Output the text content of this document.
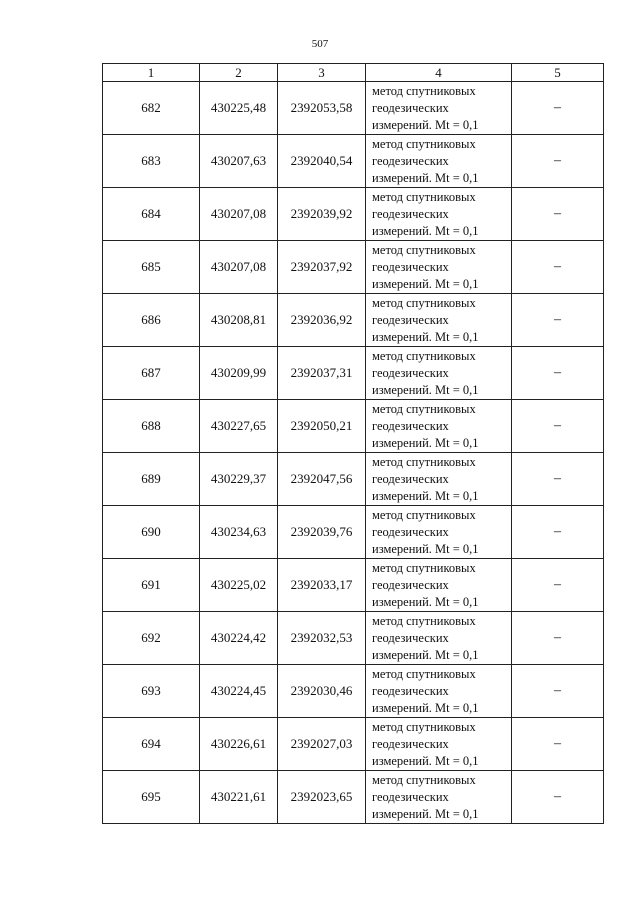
507
1	2	3	4	5
682	430225,48	2392053,58	метод спутниковых
геодезических
измерений. Mt = 0,1	–
683	430207,63	2392040,54	метод спутниковых
геодезических
измерений. Mt = 0,1	–
684	430207,08	2392039,92	метод спутниковых
геодезических
измерений. Mt = 0,1	–
685	430207,08	2392037,92	метод спутниковых
геодезических
измерений. Mt = 0,1	–
686	430208,81	2392036,92	метод спутниковых
геодезических
измерений. Mt = 0,1	–
687	430209,99	2392037,31	метод спутниковых
геодезических
измерений. Mt = 0,1	–
688	430227,65	2392050,21	метод спутниковых
геодезических
измерений. Mt = 0,1	–
689	430229,37	2392047,56	метод спутниковых
геодезических
измерений. Mt = 0,1	–
690	430234,63	2392039,76	метод спутниковых
геодезических
измерений. Mt = 0,1	–
691	430225,02	2392033,17	метод спутниковых
геодезических
измерений. Mt = 0,1	–
692	430224,42	2392032,53	метод спутниковых
геодезических
измерений. Mt = 0,1	–
693	430224,45	2392030,46	метод спутниковых
геодезических
измерений. Mt = 0,1	–
694	430226,61	2392027,03	метод спутниковых
геодезических
измерений. Mt = 0,1	–
695	430221,61	2392023,65	метод спутниковых
геодезических
измерений. Mt = 0,1	–
